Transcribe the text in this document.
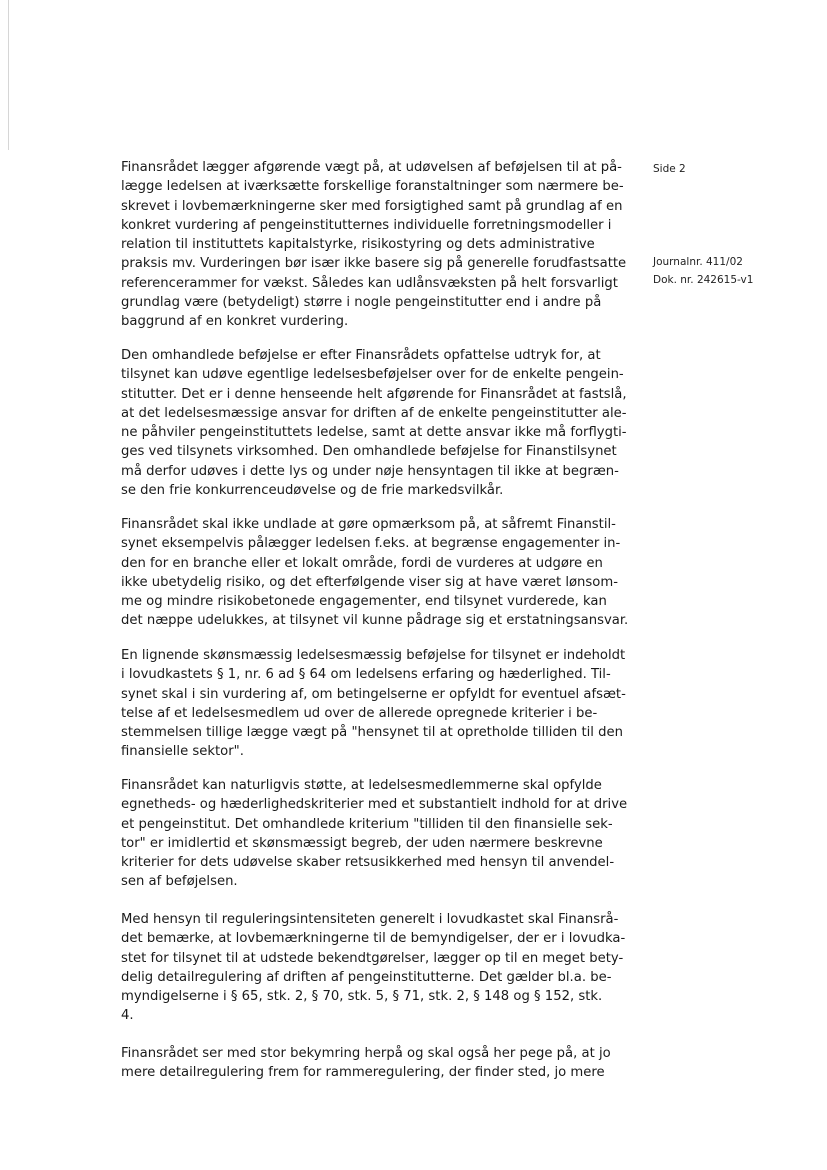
Side 2
Journalnr. 411/02
Dok. nr. 242615-v1
Finansrådet lægger afgørende vægt på, at udøvelsen af beføjelsen til at på-
lægge ledelsen at iværksætte forskellige foranstaltninger som nærmere be-
skrevet i lovbemærkningerne sker med forsigtighed samt på grundlag af en
konkret vurdering af pengeinstitutternes individuelle forretningsmodeller i
relation til instituttets kapitalstyrke, risikostyring og dets administrative
praksis mv. Vurderingen bør især ikke basere sig på generelle forudfastsatte
referencerammer for vækst. Således kan udlånsvæksten på helt forsvarligt
grundlag være (betydeligt) større i nogle pengeinstitutter end i andre på
baggrund af en konkret vurdering.
Den omhandlede beføjelse er efter Finansrådets opfattelse udtryk for, at
tilsynet kan udøve egentlige ledelsesbeføjelser over for de enkelte pengein-
stitutter. Det er i denne henseende helt afgørende for Finansrådet at fastslå,
at det ledelsesmæssige ansvar for driften af de enkelte pengeinstitutter ale-
ne påhviler pengeinstituttets ledelse, samt at dette ansvar ikke må forflygti-
ges ved tilsynets virksomhed. Den omhandlede beføjelse for Finanstilsynet
må derfor udøves i dette lys og under nøje hensyntagen til ikke at begræn-
se den frie konkurrenceudøvelse og de frie markedsvilkår.
Finansrådet skal ikke undlade at gøre opmærksom på, at såfremt Finanstil-
synet eksempelvis pålægger ledelsen f.eks. at begrænse engagementer in-
den for en branche eller et lokalt område, fordi de vurderes at udgøre en
ikke ubetydelig risiko, og det efterfølgende viser sig at have været lønsom-
me og mindre risikobetonede engagementer, end tilsynet vurderede, kan
det næppe udelukkes, at tilsynet vil kunne pådrage sig et erstatningsansvar.
En lignende skønsmæssig ledelsesmæssig beføjelse for tilsynet er indeholdt
i lovudkastets § 1, nr. 6 ad § 64 om ledelsens erfaring og hæderlighed. Til-
synet skal i sin vurdering af, om betingelserne er opfyldt for eventuel afsæt-
telse af et ledelsesmedlem ud over de allerede opregnede kriterier i be-
stemmelsen tillige lægge vægt på "hensynet til at opretholde tilliden til den
finansielle sektor".
Finansrådet kan naturligvis støtte, at ledelsesmedlemmerne skal opfylde
egnetheds- og hæderlighedskriterier med et substantielt indhold for at drive
et pengeinstitut. Det omhandlede kriterium "tilliden til den finansielle sek-
tor" er imidlertid et skønsmæssigt begreb, der uden nærmere beskrevne
kriterier for dets udøvelse skaber retsusikkerhed med hensyn til anvendel-
sen af beføjelsen.
Med hensyn til reguleringsintensiteten generelt i lovudkastet skal Finansrå-
det bemærke, at lovbemærkningerne til de bemyndigelser, der er i lovudka-
stet for tilsynet til at udstede bekendtgørelser, lægger op til en meget bety-
delig detailregulering af driften af pengeinstitutterne. Det gælder bl.a. be-
myndigelserne i § 65, stk. 2, § 70, stk. 5, § 71, stk. 2, § 148 og § 152, stk.
4.
Finansrådet ser med stor bekymring herpå og skal også her pege på, at jo
mere detailregulering frem for rammeregulering, der finder sted, jo mere
